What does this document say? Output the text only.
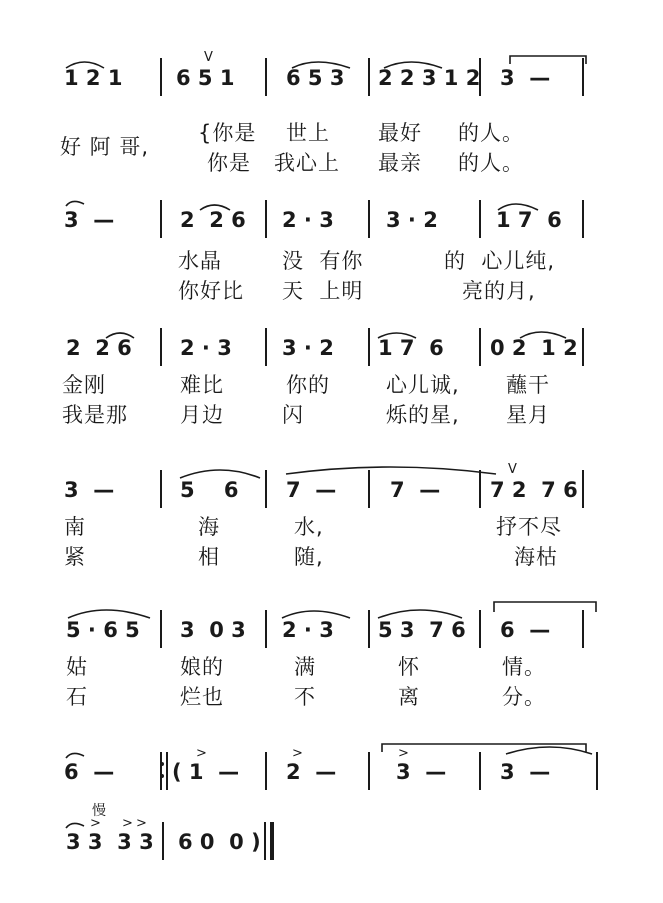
1 2 1	6 5 1 6 5 3 2 2 3 1 2 3  —
V
好 阿 哥,
{你是 世上 最好 的人。
你是 我心上 最亲 的人。
3  —	2  2 6 2 · 3 3 · 2	1 7  6
水晶	没  有你	的  心儿纯,
你好比 天  上明	亮的月,
2  2 6 2 · 3 3 · 2 1 7  6 0 2  1 2
金刚	难比	你的	心儿诚, 蘸干
我是那 月边	闪	烁的星, 星月
3  —	5    6 7  —	7  — 7 2  7 6
V
南	海	水,	抒不尽
紧	相	随,	海枯
5 · 6 5 3  0 3 2 · 3 5 3  7 6 6  —
姑	娘的	满	怀	情。
石	烂也	不	离	分。
6  —	( 1  — 2  —	3  —	3  —
>	>	>
慢
3 3  3 3 6 0  0 )
> > >
